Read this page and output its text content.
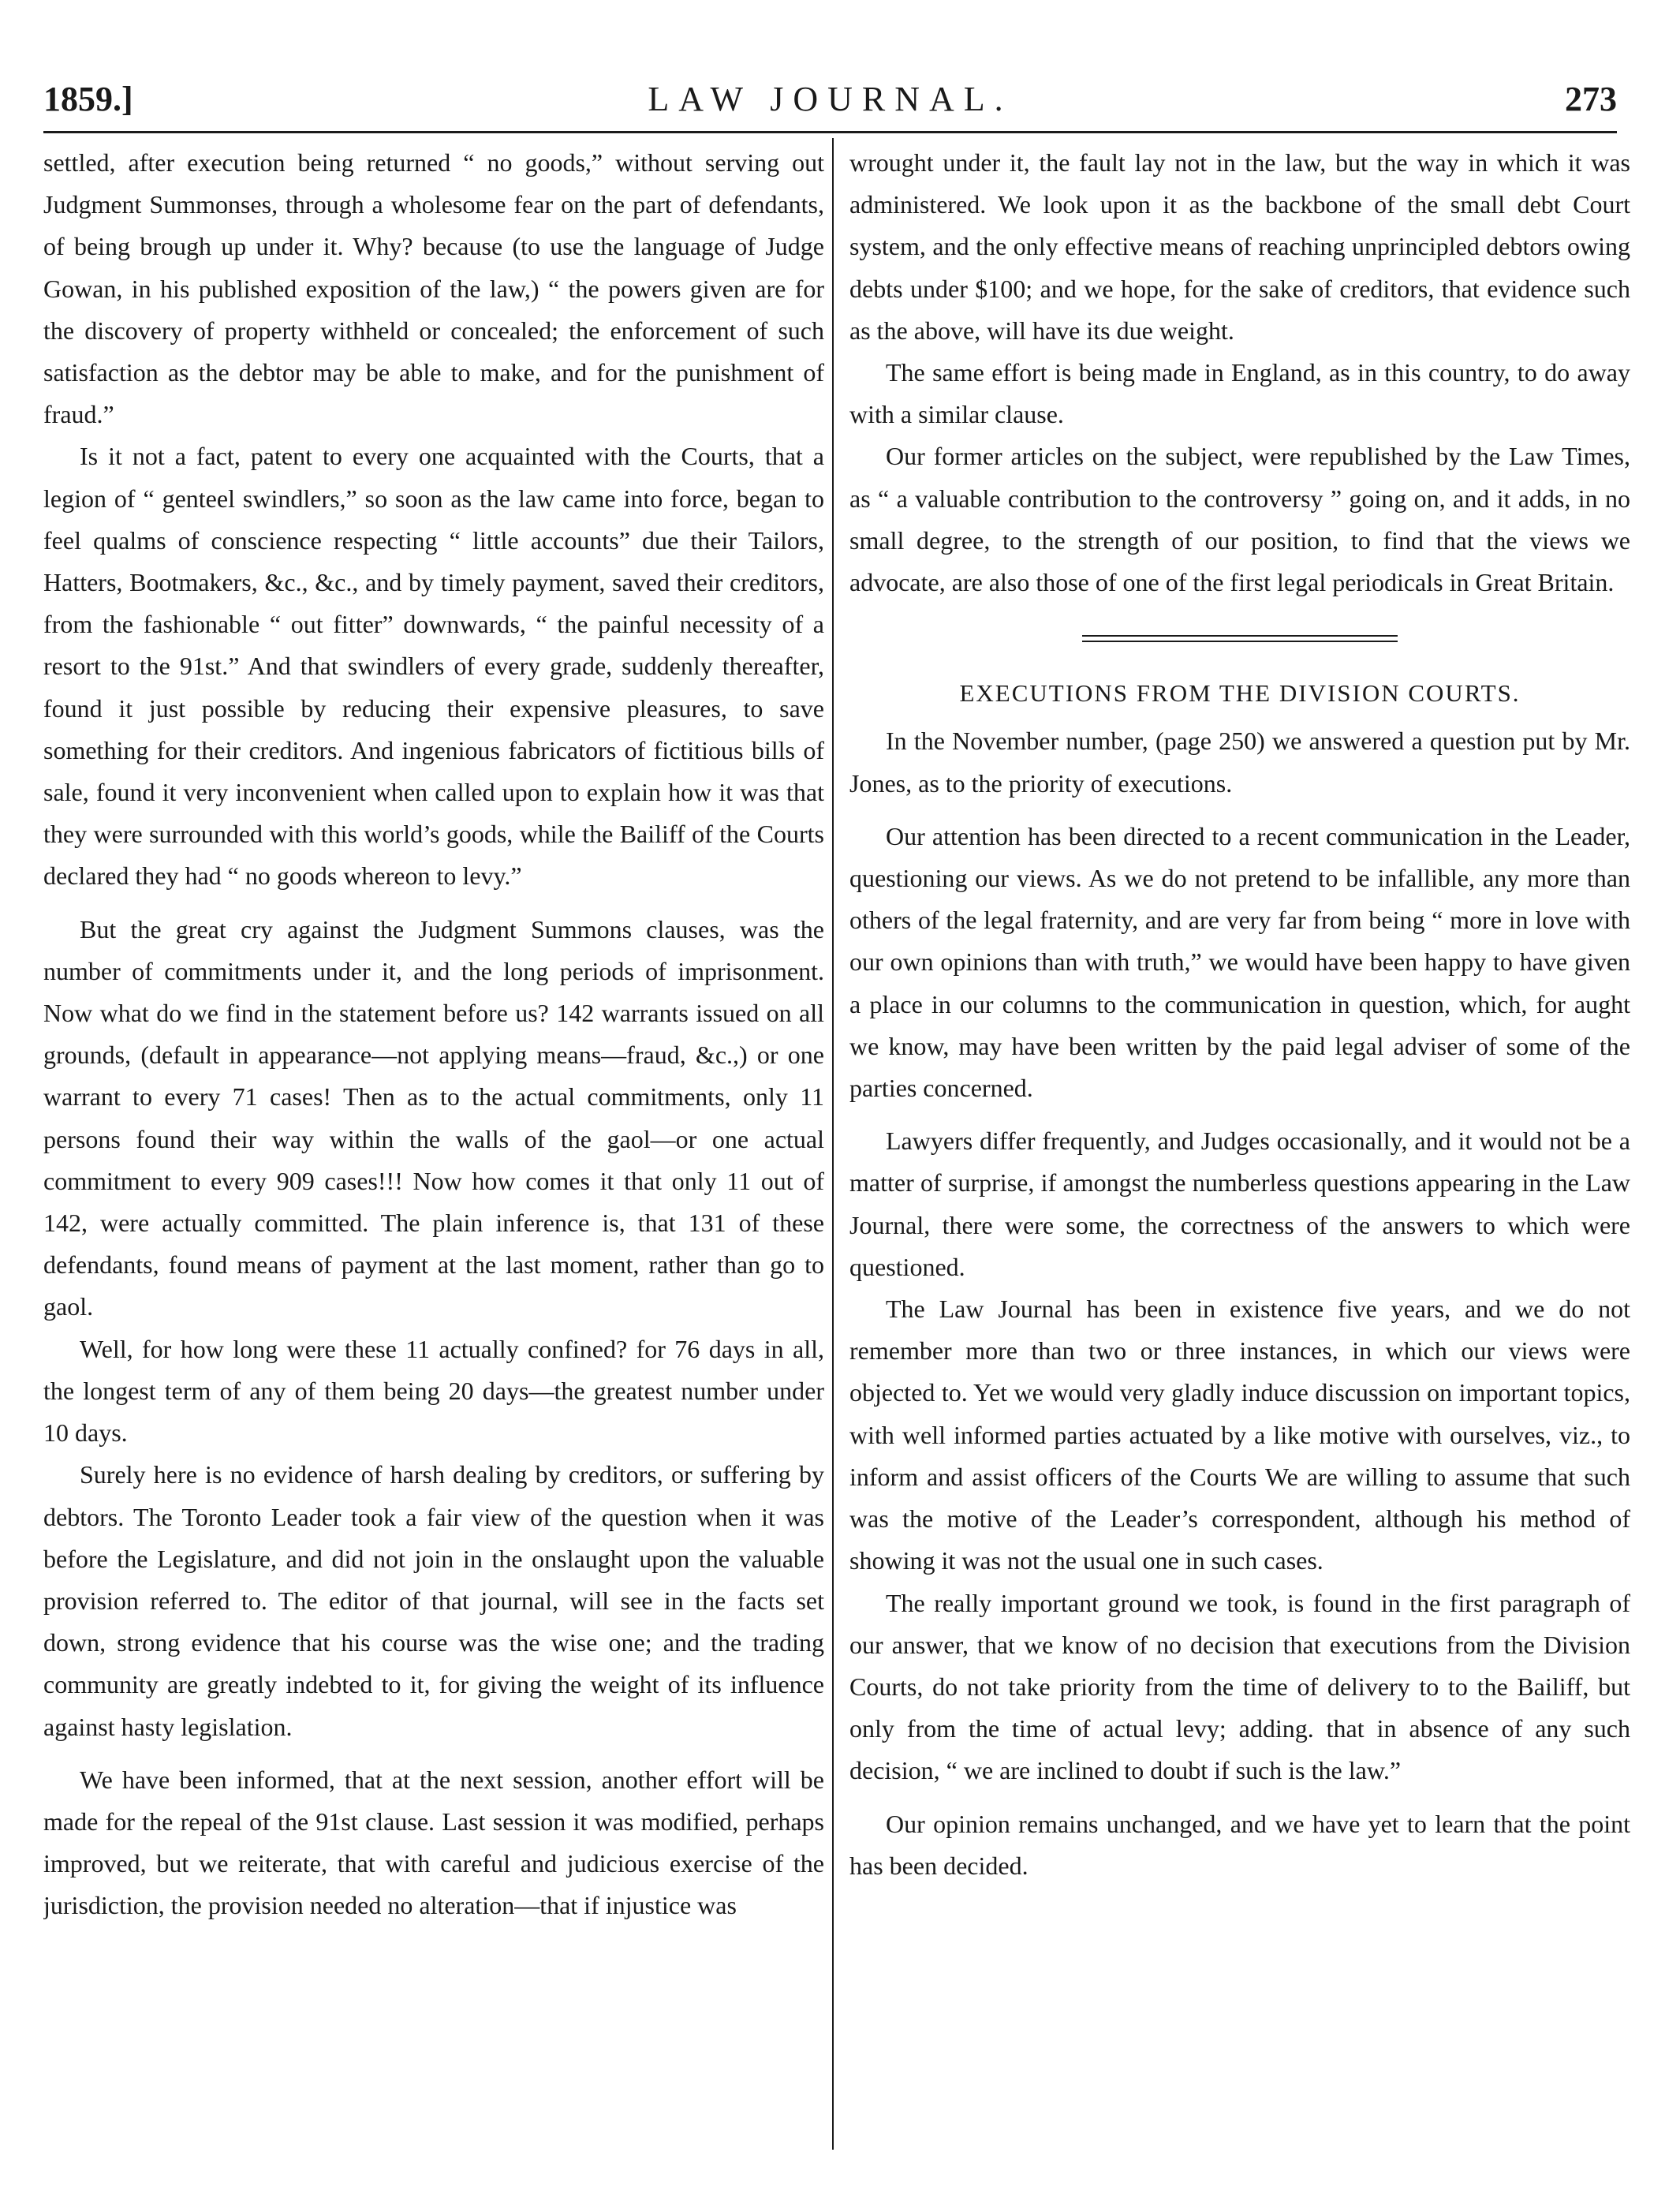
1859.]	LAW JOURNAL.	273

settled, after execution being returned “ no goods,” without serving out Judgment Summonses, through a wholesome fear on the part of defendants, of being brough up under it. Why? because (to use the language of Judge Gowan, in his published exposition of the law,) “ the powers given are for the discovery of property withheld or concealed; the enforcement of such satisfaction as the debtor may be able to make, and for the punishment of fraud.”

Is it not a fact, patent to every one acquainted with the Courts, that a legion of “ genteel swindlers,” so soon as the law came into force, began to feel qualms of conscience respecting “ little accounts” due their Tailors, Hatters, Bootmakers, &c., &c., and by timely payment, saved their creditors, from the fashionable “ out fitter” downwards, “ the painful necessity of a resort to the 91st.” And that swindlers of every grade, suddenly thereafter, found it just possible by reducing their expensive pleasures, to save something for their creditors. And ingenious fabricators of fictitious bills of sale, found it very inconvenient when called upon to explain how it was that they were surrounded with this world’s goods, while the Bailiff of the Courts declared they had “ no goods whereon to levy.”

But the great cry against the Judgment Summons clauses, was the number of commitments under it, and the long periods of imprisonment. Now what do we find in the statement before us? 142 warrants issued on all grounds, (default in appearance—not applying means—fraud, &c.,) or one warrant to every 71 cases! Then as to the actual commitments, only 11 persons found their way within the walls of the gaol—or one actual commitment to every 909 cases!!! Now how comes it that only 11 out of 142, were actually committed. The plain inference is, that 131 of these defendants, found means of payment at the last moment, rather than go to gaol.

Well, for how long were these 11 actually confined? for 76 days in all, the longest term of any of them being 20 days—the greatest number under 10 days.

Surely here is no evidence of harsh dealing by creditors, or suffering by debtors. The Toronto Leader took a fair view of the question when it was before the Legislature, and did not join in the onslaught upon the valuable provision referred to. The editor of that journal, will see in the facts set down, strong evidence that his course was the wise one; and the trading community are greatly indebted to it, for giving the weight of its influence against hasty legislation.

We have been informed, that at the next session, another effort will be made for the repeal of the 91st clause. Last session it was modified, perhaps improved, but we reiterate, that with careful and judicious exercise of the jurisdiction, the provision needed no alteration—that if injustice was

wrought under it, the fault lay not in the law, but the way in which it was administered. We look upon it as the backbone of the small debt Court system, and the only effective means of reaching unprincipled debtors owing debts under $100; and we hope, for the sake of creditors, that evidence such as the above, will have its due weight.

The same effort is being made in England, as in this country, to do away with a similar clause.

Our former articles on the subject, were republished by the Law Times, as “ a valuable contribution to the controversy ” going on, and it adds, in no small degree, to the strength of our position, to find that the views we advocate, are also those of one of the first legal periodicals in Great Britain.

EXECUTIONS FROM THE DIVISION COURTS.

In the November number, (page 250) we answered a question put by Mr. Jones, as to the priority of executions.

Our attention has been directed to a recent communication in the Leader, questioning our views. As we do not pretend to be infallible, any more than others of the legal fraternity, and are very far from being “ more in love with our own opinions than with truth,” we would have been happy to have given a place in our columns to the communication in question, which, for aught we know, may have been written by the paid legal adviser of some of the parties concerned.

Lawyers differ frequently, and Judges occasionally, and it would not be a matter of surprise, if amongst the numberless questions appearing in the Law Journal, there were some, the correctness of the answers to which were questioned.

The Law Journal has been in existence five years, and we do not remember more than two or three instances, in which our views were objected to. Yet we would very gladly induce discussion on important topics, with well informed parties actuated by a like motive with ourselves, viz., to inform and assist officers of the Courts We are willing to assume that such was the motive of the Leader’s correspondent, although his method of showing it was not the usual one in such cases.

The really important ground we took, is found in the first paragraph of our answer, that we know of no decision that executions from the Division Courts, do not take priority from the time of delivery to to the Bailiff, but only from the time of actual levy; adding. that in absence of any such decision, “ we are inclined to doubt if such is the law.”

Our opinion remains unchanged, and we have yet to learn that the point has been decided.
